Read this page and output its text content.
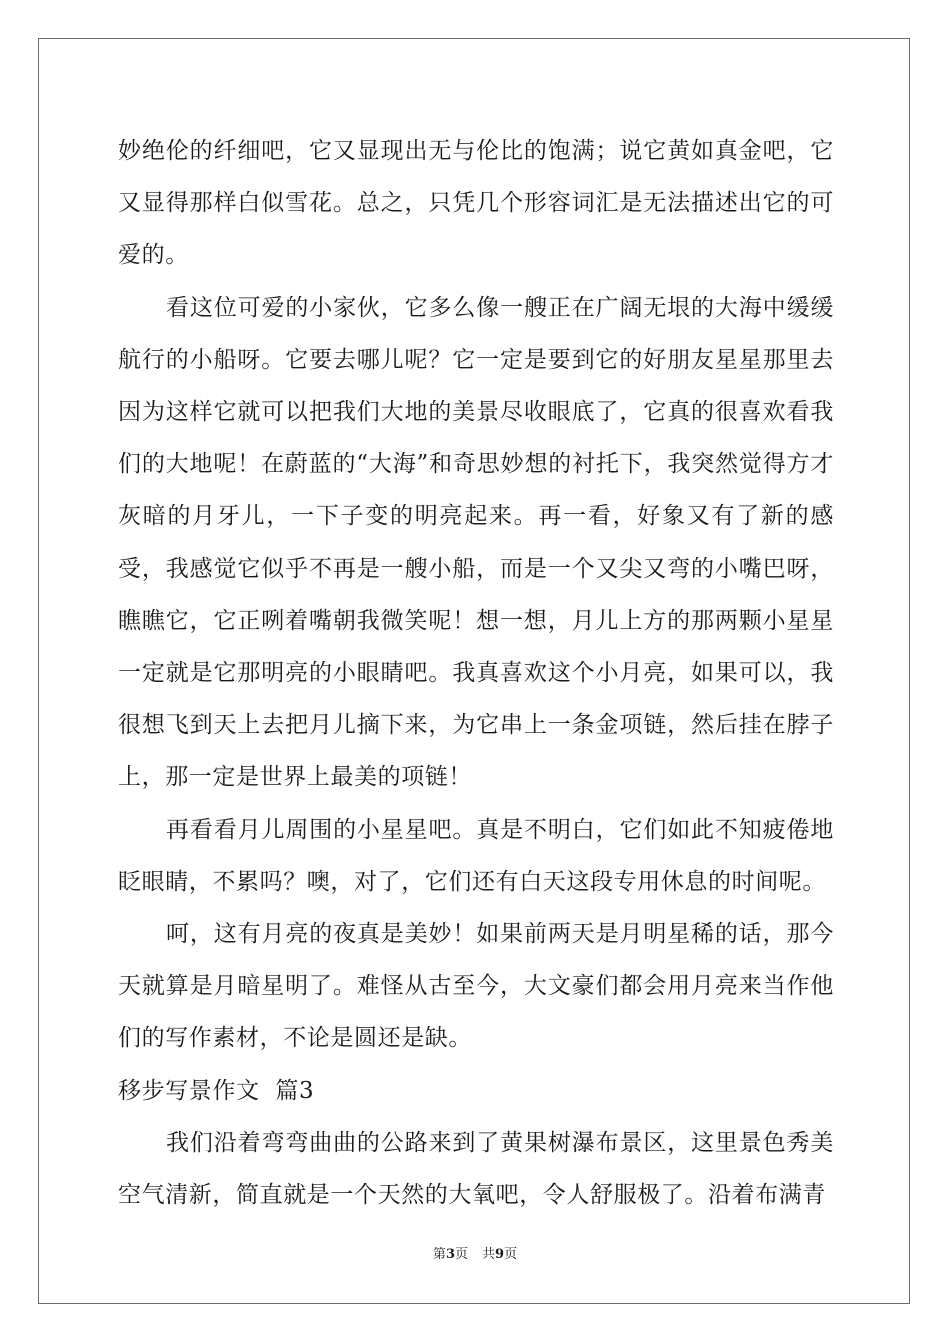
妙绝伦的纤细吧，它又显现出无与伦比的饱满；说它黄如真金吧，它又显得那样白似雪花。总之，只凭几个形容词汇是无法描述出它的可爱的。

看这位可爱的小家伙，它多么像一艘正在广阔无垠的大海中缓缓航行的小船呀。它要去哪儿呢？它一定是要到它的好朋友星星那里去因为这样它就可以把我们大地的美景尽收眼底了，它真的很喜欢看我们的大地呢！在蔚蓝的“大海”和奇思妙想的衬托下，我突然觉得方才灰暗的月牙儿，一下子变的明亮起来。再一看，好象又有了新的感受，我感觉它似乎不再是一艘小船，而是一个又尖又弯的小嘴巴呀，瞧瞧它，它正咧着嘴朝我微笑呢！想一想，月儿上方的那两颗小星星一定就是它那明亮的小眼睛吧。我真喜欢这个小月亮，如果可以，我很想飞到天上去把月儿摘下来，为它串上一条金项链，然后挂在脖子上，那一定是世界上最美的项链！

再看看月儿周围的小星星吧。真是不明白，它们如此不知疲倦地眨眼睛，不累吗？噢，对了，它们还有白天这段专用休息的时间呢。

呵，这有月亮的夜真是美妙！如果前两天是月明星稀的话，那今天就算是月暗星明了。难怪从古至今，大文豪们都会用月亮来当作他们的写作素材，不论是圆还是缺。

移步写景作文  篇3

我们沿着弯弯曲曲的公路来到了黄果树瀑布景区，这里景色秀美空气清新，简直就是一个天然的大氧吧，令人舒服极了。沿着布满青

第3页 共9页
